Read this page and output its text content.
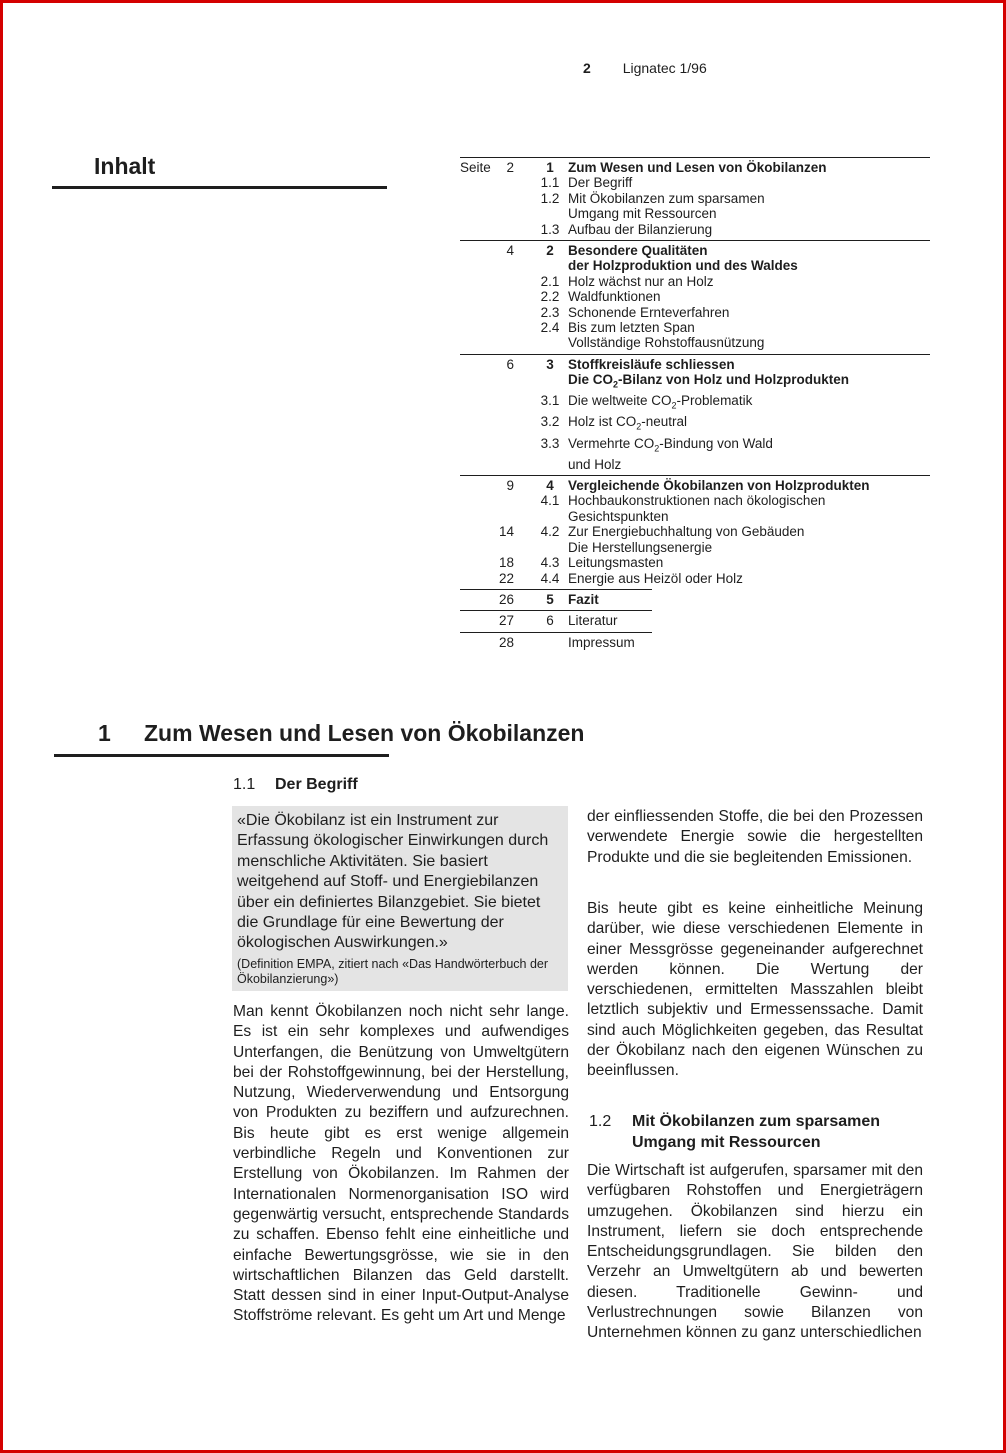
2 Lignatec 1/96
Inhalt	Seite	2	1	Zum Wesen und Lesen von Ökobilanzen
1.1 Der Begriff
1.2 Mit Ökobilanzen zum sparsamen
Umgang mit Ressourcen
1.3 Aufbau der Bilanzierung
4	2	Besondere Qualitäten
der Holzproduktion und des Waldes
2.1 Holz wächst nur an Holz
2.2 Waldfunktionen
2.3 Schonende Ernteverfahren
2.4 Bis zum letzten Span
Vollständige Rohstoffausnützung
6	3	Stoffkreisläufe schliessen
Die $CO_2$-Bilanz von Holz und Holzprodukten
3.1 Die weltweite $CO_2$-Problematik
3.2 Holz ist $CO_2$-neutral
3.3 Vermehrte $CO_2$-Bindung von Wald
und Holz
9	4	Vergleichende Ökobilanzen von Holzprodukten
4.1 Hochbaukonstruktionen nach ökologischen
Gesichtspunkten
14	4.2 Zur Energiebuchhaltung von Gebäuden
Die Herstellungsenergie
18	4.3 Leitungsmasten
22	4.4 Energie aus Heizöl oder Holz
26	5	Fazit
27	6	Literatur
28	Impressum
1 Zum Wesen und Lesen von Ökobilanzen
1.1 Der Begriff
«Die Ökobilanz ist ein Instrument zur Erfassung ökologischer Einwirkungen durch menschliche Aktivitäten. Sie basiert weitgehend auf Stoff- und Energiebilanzen über ein definiertes Bilanzgebiet. Sie bietet die Grundlage für eine Bewertung der ökologischen Auswirkungen.»
(Definition EMPA, zitiert nach «Das Handwörterbuch der Ökobilanzierung»)
Man kennt Ökobilanzen noch nicht sehr lange. Es ist ein sehr komplexes und aufwendiges Unterfangen, die Benützung von Umweltgütern bei der Rohstoffgewinnung, bei der Herstellung, Nutzung, Wiederverwendung und Entsorgung von Produkten zu beziffern und aufzurechnen. Bis heute gibt es erst wenige allgemein verbindliche Regeln und Konventionen zur Erstellung von Ökobilanzen. Im Rahmen der Internationalen Normenorganisation ISO wird gegenwärtig versucht, entsprechende Standards zu schaffen. Ebenso fehlt eine einheitliche und einfache Bewertungsgrösse, wie sie in den wirtschaftlichen Bilanzen das Geld darstellt. Statt dessen sind in einer Input-Output-Analyse Stoffströme relevant. Es geht um Art und Menge
der einfliessenden Stoffe, die bei den Prozessen verwendete Energie sowie die hergestellten Produkte und die sie begleitenden Emissionen.
Bis heute gibt es keine einheitliche Meinung darüber, wie diese verschiedenen Elemente in einer Messgrösse gegeneinander aufgerechnet werden können. Die Wertung der verschiedenen, ermittelten Masszahlen bleibt letztlich subjektiv und Ermessenssache. Damit sind auch Möglichkeiten gegeben, das Resultat der Ökobilanz nach den eigenen Wünschen zu beeinflussen.
1.2 Mit Ökobilanzen zum sparsamen Umgang mit Ressourcen
Die Wirtschaft ist aufgerufen, sparsamer mit den verfügbaren Rohstoffen und Energieträgern umzugehen. Ökobilanzen sind hierzu ein Instrument, liefern sie doch entsprechende Entscheidungsgrundlagen. Sie bilden den Verzehr an Umweltgütern ab und bewerten diesen. Traditionelle Gewinn- und Verlustrechnungen sowie Bilanzen von Unternehmen können zu ganz unterschiedlichen
